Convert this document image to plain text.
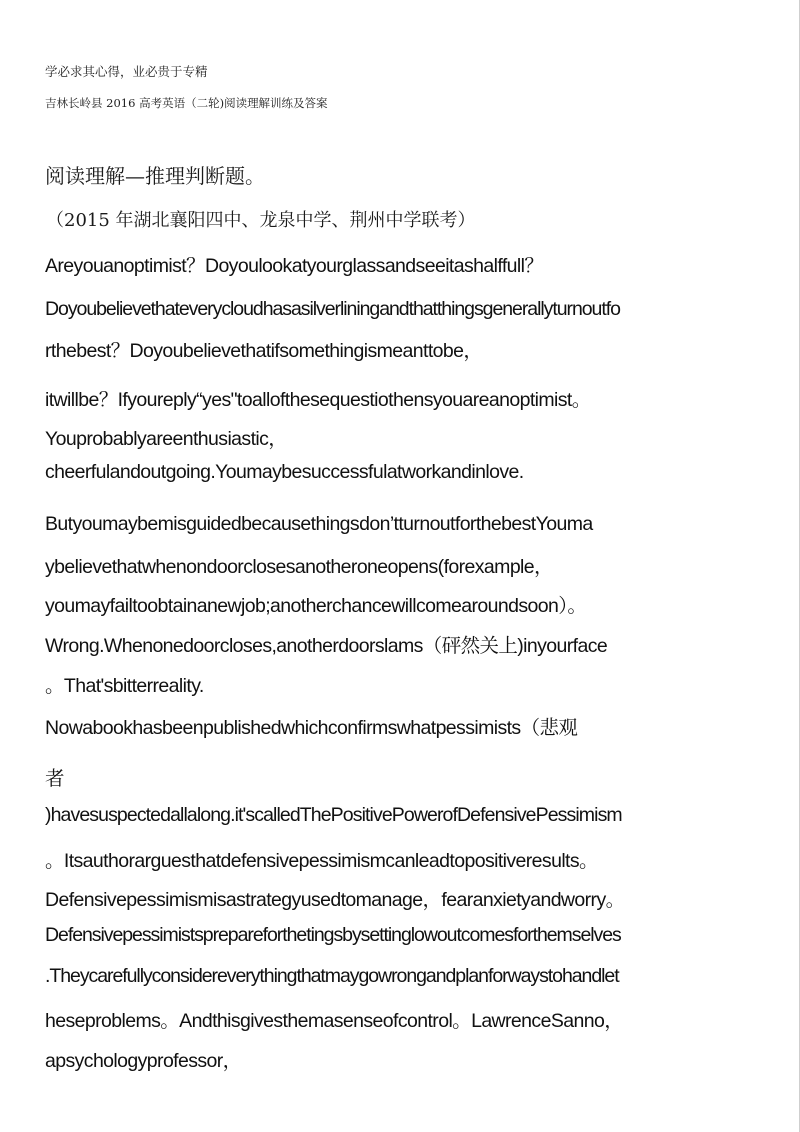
学必求其心得，业必贵于专精
吉林长岭县 2016 高考英语（二轮)阅读理解训练及答案
阅读理解—推理判断题。
（2015 年湖北襄阳四中、龙泉中学、荆州中学联考）
Areyouanoptimist？Doyoulookatyourglassandseeitashalffull？
Doyoubelievethateverycloudhasasilverliningandthatthingsgenerallyturnoutfo
rthebest？Doyoubelievethatifsomethingismeanttobe，
itwillbe？Ifyoureply“yes"toallofthesequestiothensyouareanoptimist。
Youprobablyareenthusiastic，
cheerfulandoutgoing.Youmaybesuccessfulatworkandinlove.
Butyoumaybemisguidedbecausethingsdon’tturnoutforthebestYouma
ybelievethatwhenondoorclosesanotheroneopens(forexample，
youmayfailtoobtainanewjob;anotherchancewillcomearoundsoon）。
Wrong.Whenonedoorcloses,anotherdoorslams（砰然关上)inyourface
。That'sbitterreality.
Nowabookhasbeenpublishedwhichconfirmswhatpessimists（悲观
者
)havesuspectedallalong.it'scalledThePositivePowerofDefensivePessimism
。Itsauthorarguesthatdefensivepessimismcanleadtopositiveresults。
Defensivepessimismisastrategyusedtomanage，fearanxietyandworry。
Defensivepessimistsprepareforthetingsbysettinglowoutcomesforthemselves
.Theycarefullyconsidereverythingthatmaygowrongandplanforwaystohandlet
heseproblems。Andthisgivesthemasenseofcontrol。LawrenceSanno，
apsychologyprofessor，
